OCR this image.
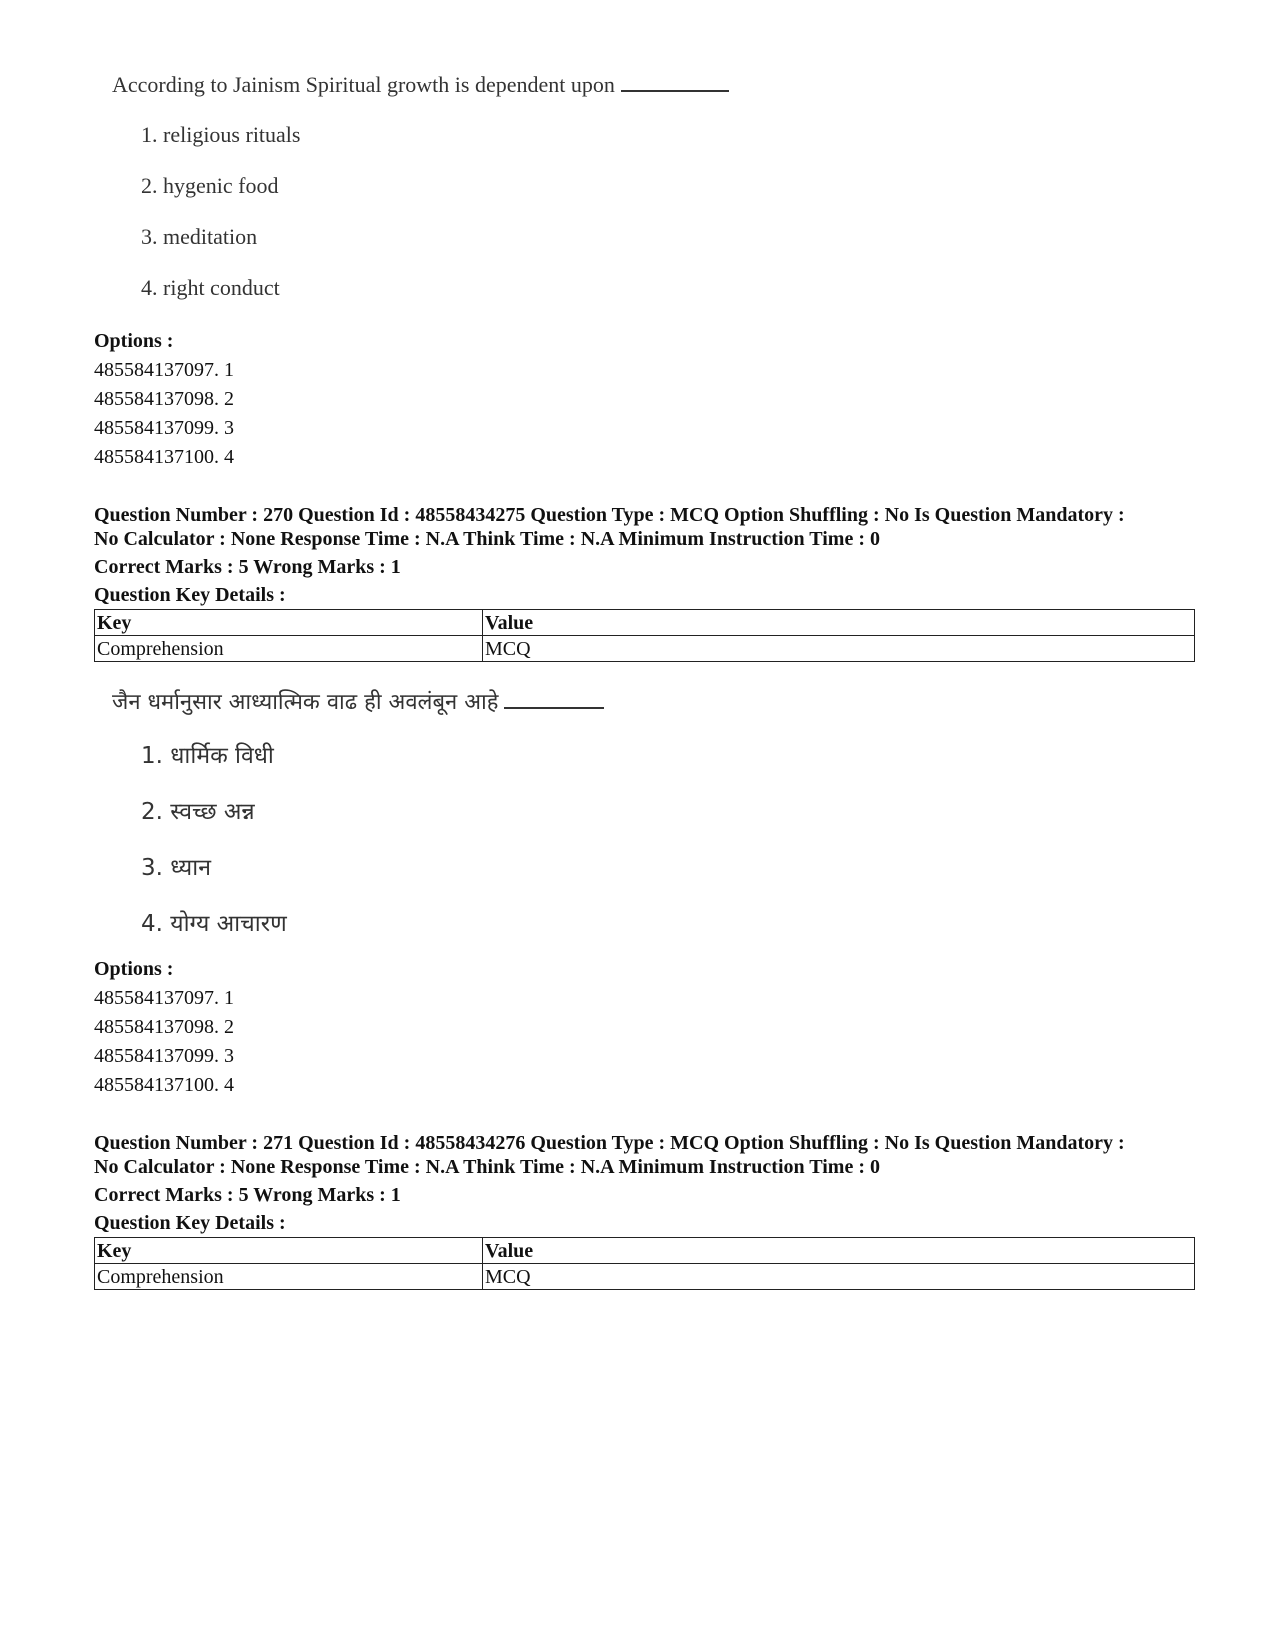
According to Jainism Spiritual growth is dependent upon
1. religious rituals
2. hygenic food
3. meditation
4. right conduct
Options :
485584137097. 1
485584137098. 2
485584137099. 3
485584137100. 4
Question Number : 270 Question Id : 48558434275 Question Type : MCQ Option Shuffling : No Is Question Mandatory :
No Calculator : None Response Time : N.A Think Time : N.A Minimum Instruction Time : 0
Correct Marks : 5 Wrong Marks : 1
Question Key Details :
Key	Value
Comprehension	MCQ
जैन धर्मानुसार आध्यात्मिक वाढ ही अवलंबून आहे
1. धार्मिक विधी
2. स्वच्छ अन्न
3. ध्यान
4. योग्य आचारण
Options :
485584137097. 1
485584137098. 2
485584137099. 3
485584137100. 4
Question Number : 271 Question Id : 48558434276 Question Type : MCQ Option Shuffling : No Is Question Mandatory :
No Calculator : None Response Time : N.A Think Time : N.A Minimum Instruction Time : 0
Correct Marks : 5 Wrong Marks : 1
Question Key Details :
Key	Value
Comprehension	MCQ
